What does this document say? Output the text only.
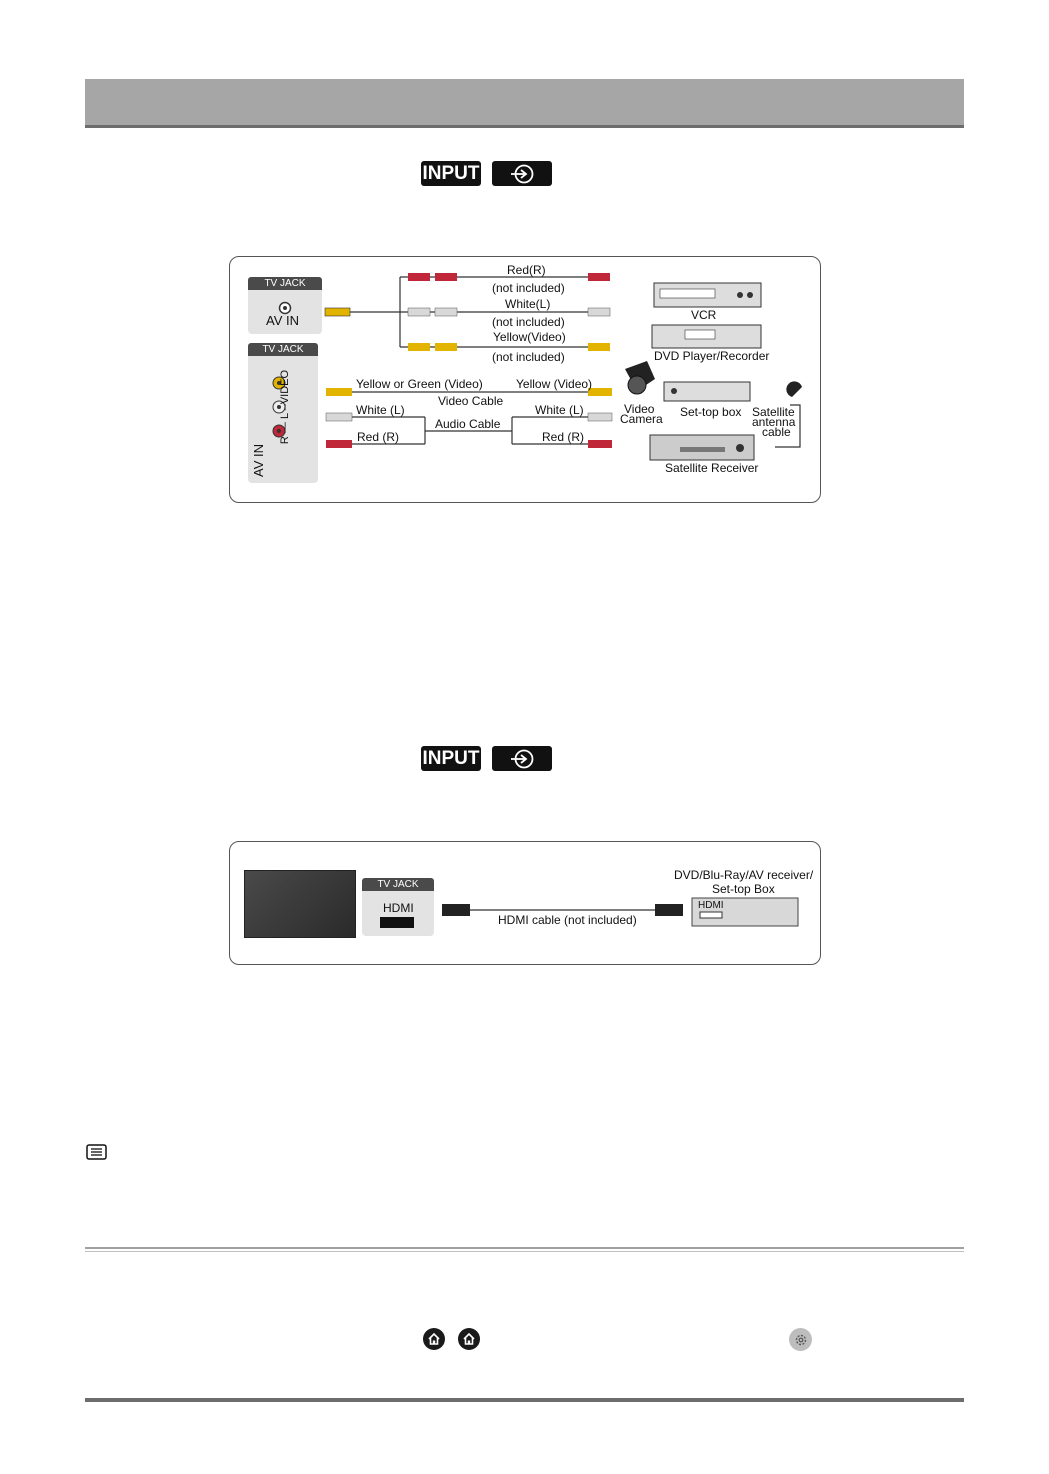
INPUT
TV JACK
AV IN
TV JACK
R — L –VIDEO
AV IN
Red(R)
(not included)
White(L)
(not included)
Yellow(Video)
(not included)
VCR
DVD Player/Recorder
Yellow or Green (Video)	Yellow (Video)
Video Cable
White (L)	White (L)
Audio Cable
Red (R)	Red (R)
Video
Camera Set-top box Satellite
antenna
cable
Satellite Receiver
INPUT
TV JACK
HDMI
HDMI cable (not included)
DVD/Blu-Ray/AV receiver/
Set-top Box
HDMI
